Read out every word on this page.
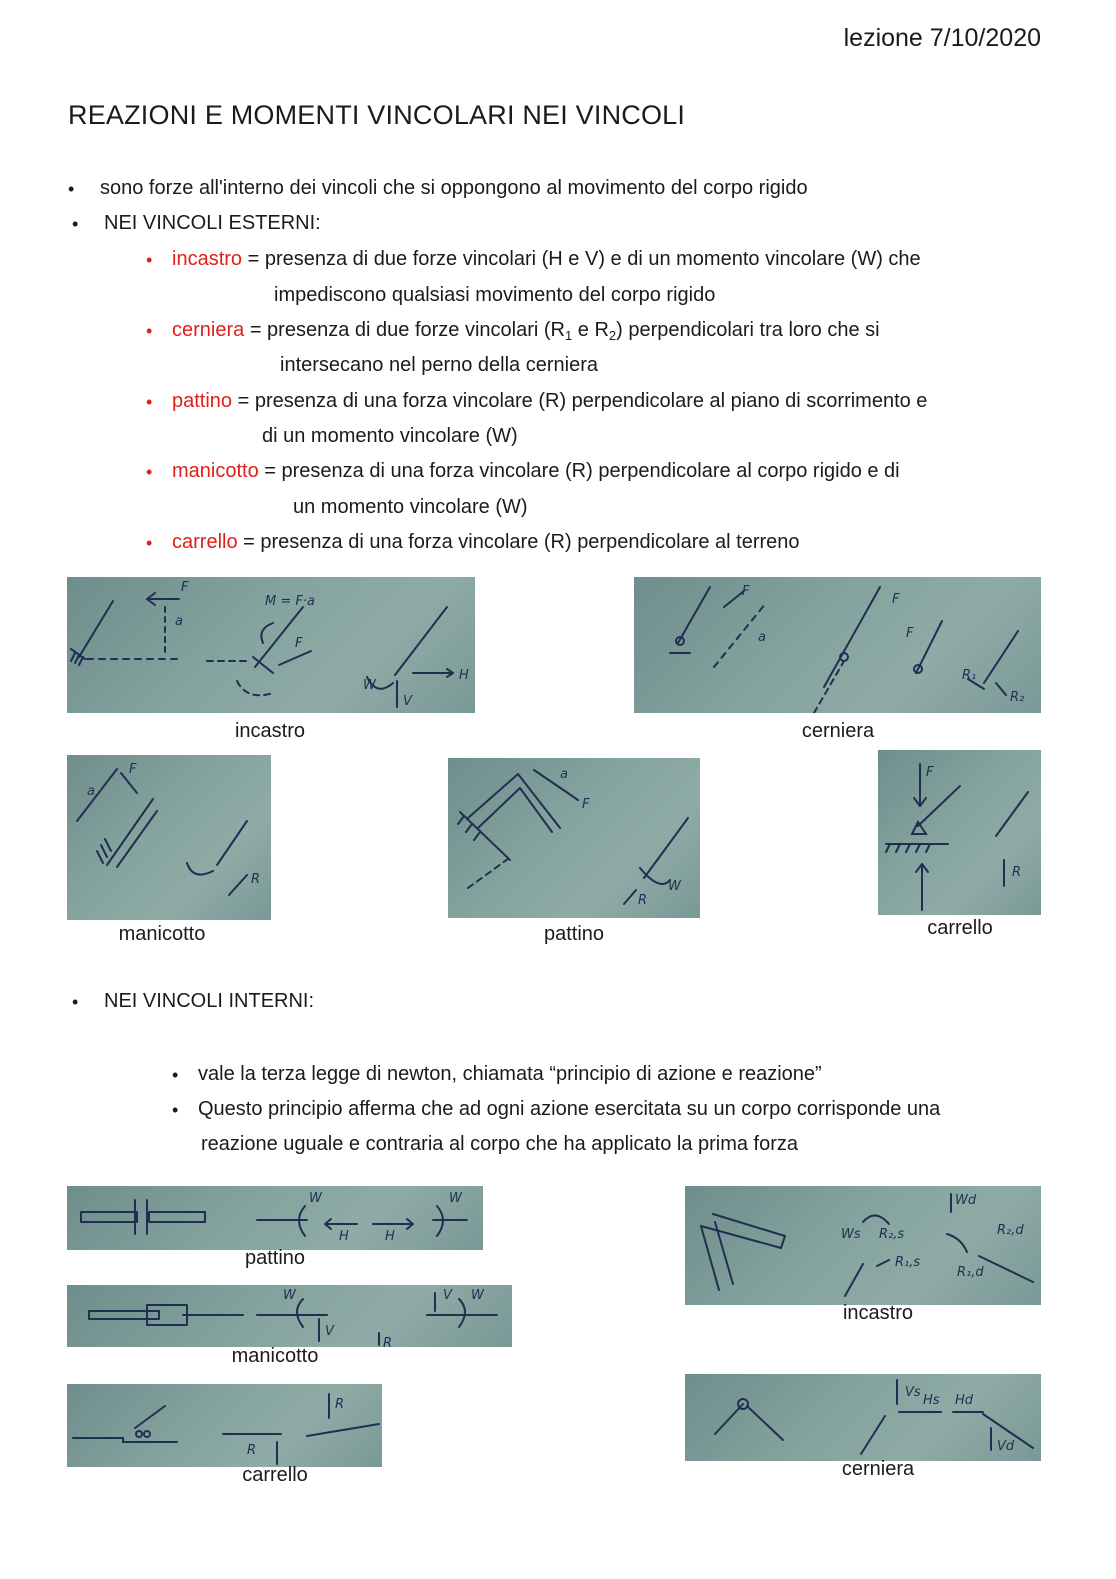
lezione 7/10/2020
REAZIONI E MOMENTI VINCOLARI NEI VINCOLI
• sono forze all'interno dei vincoli che si oppongono al movimento del corpo rigido
• NEI VINCOLI ESTERNI:
• incastro = presenza di due forze vincolari (H e V) e di un momento vincolare (W) che
impediscono qualsiasi movimento del corpo rigido
• cerniera = presenza di due forze vincolari ($R_1$ e $R_2$) perpendicolari tra loro che si
intersecano nel perno della cerniera
• pattino = presenza di una forza vincolare (R) perpendicolare al piano di scorrimento e
di un momento vincolare (W)
• manicotto = presenza di una forza vincolare (R) perpendicolare al corpo rigido e di
un momento vincolare (W)
• carrello = presenza di una forza vincolare (R) perpendicolare al terreno
F
a
M = F·a
F
H
V
W
incastro
F
a
F
F
R₁
R₂
cerniera
a
F
R
manicotto
a
F
R
W
pattino
F
R
carrello
• NEI VINCOLI INTERNI:
• vale la terza legge di newton, chiamata “principio di azione e reazione”
• Questo principio afferma che ad ogni azione esercitata su un corpo corrisponde una
reazione uguale e contraria al corpo che ha applicato la prima forza
W
H	H
W
pattino
W
V
R
V W
manicotto
R
R
carrello
Ws R₂,s
R₁,s
Wd
R₂,d
R₁,d
incastro
Vs
Hs Hd
Vd
cerniera
